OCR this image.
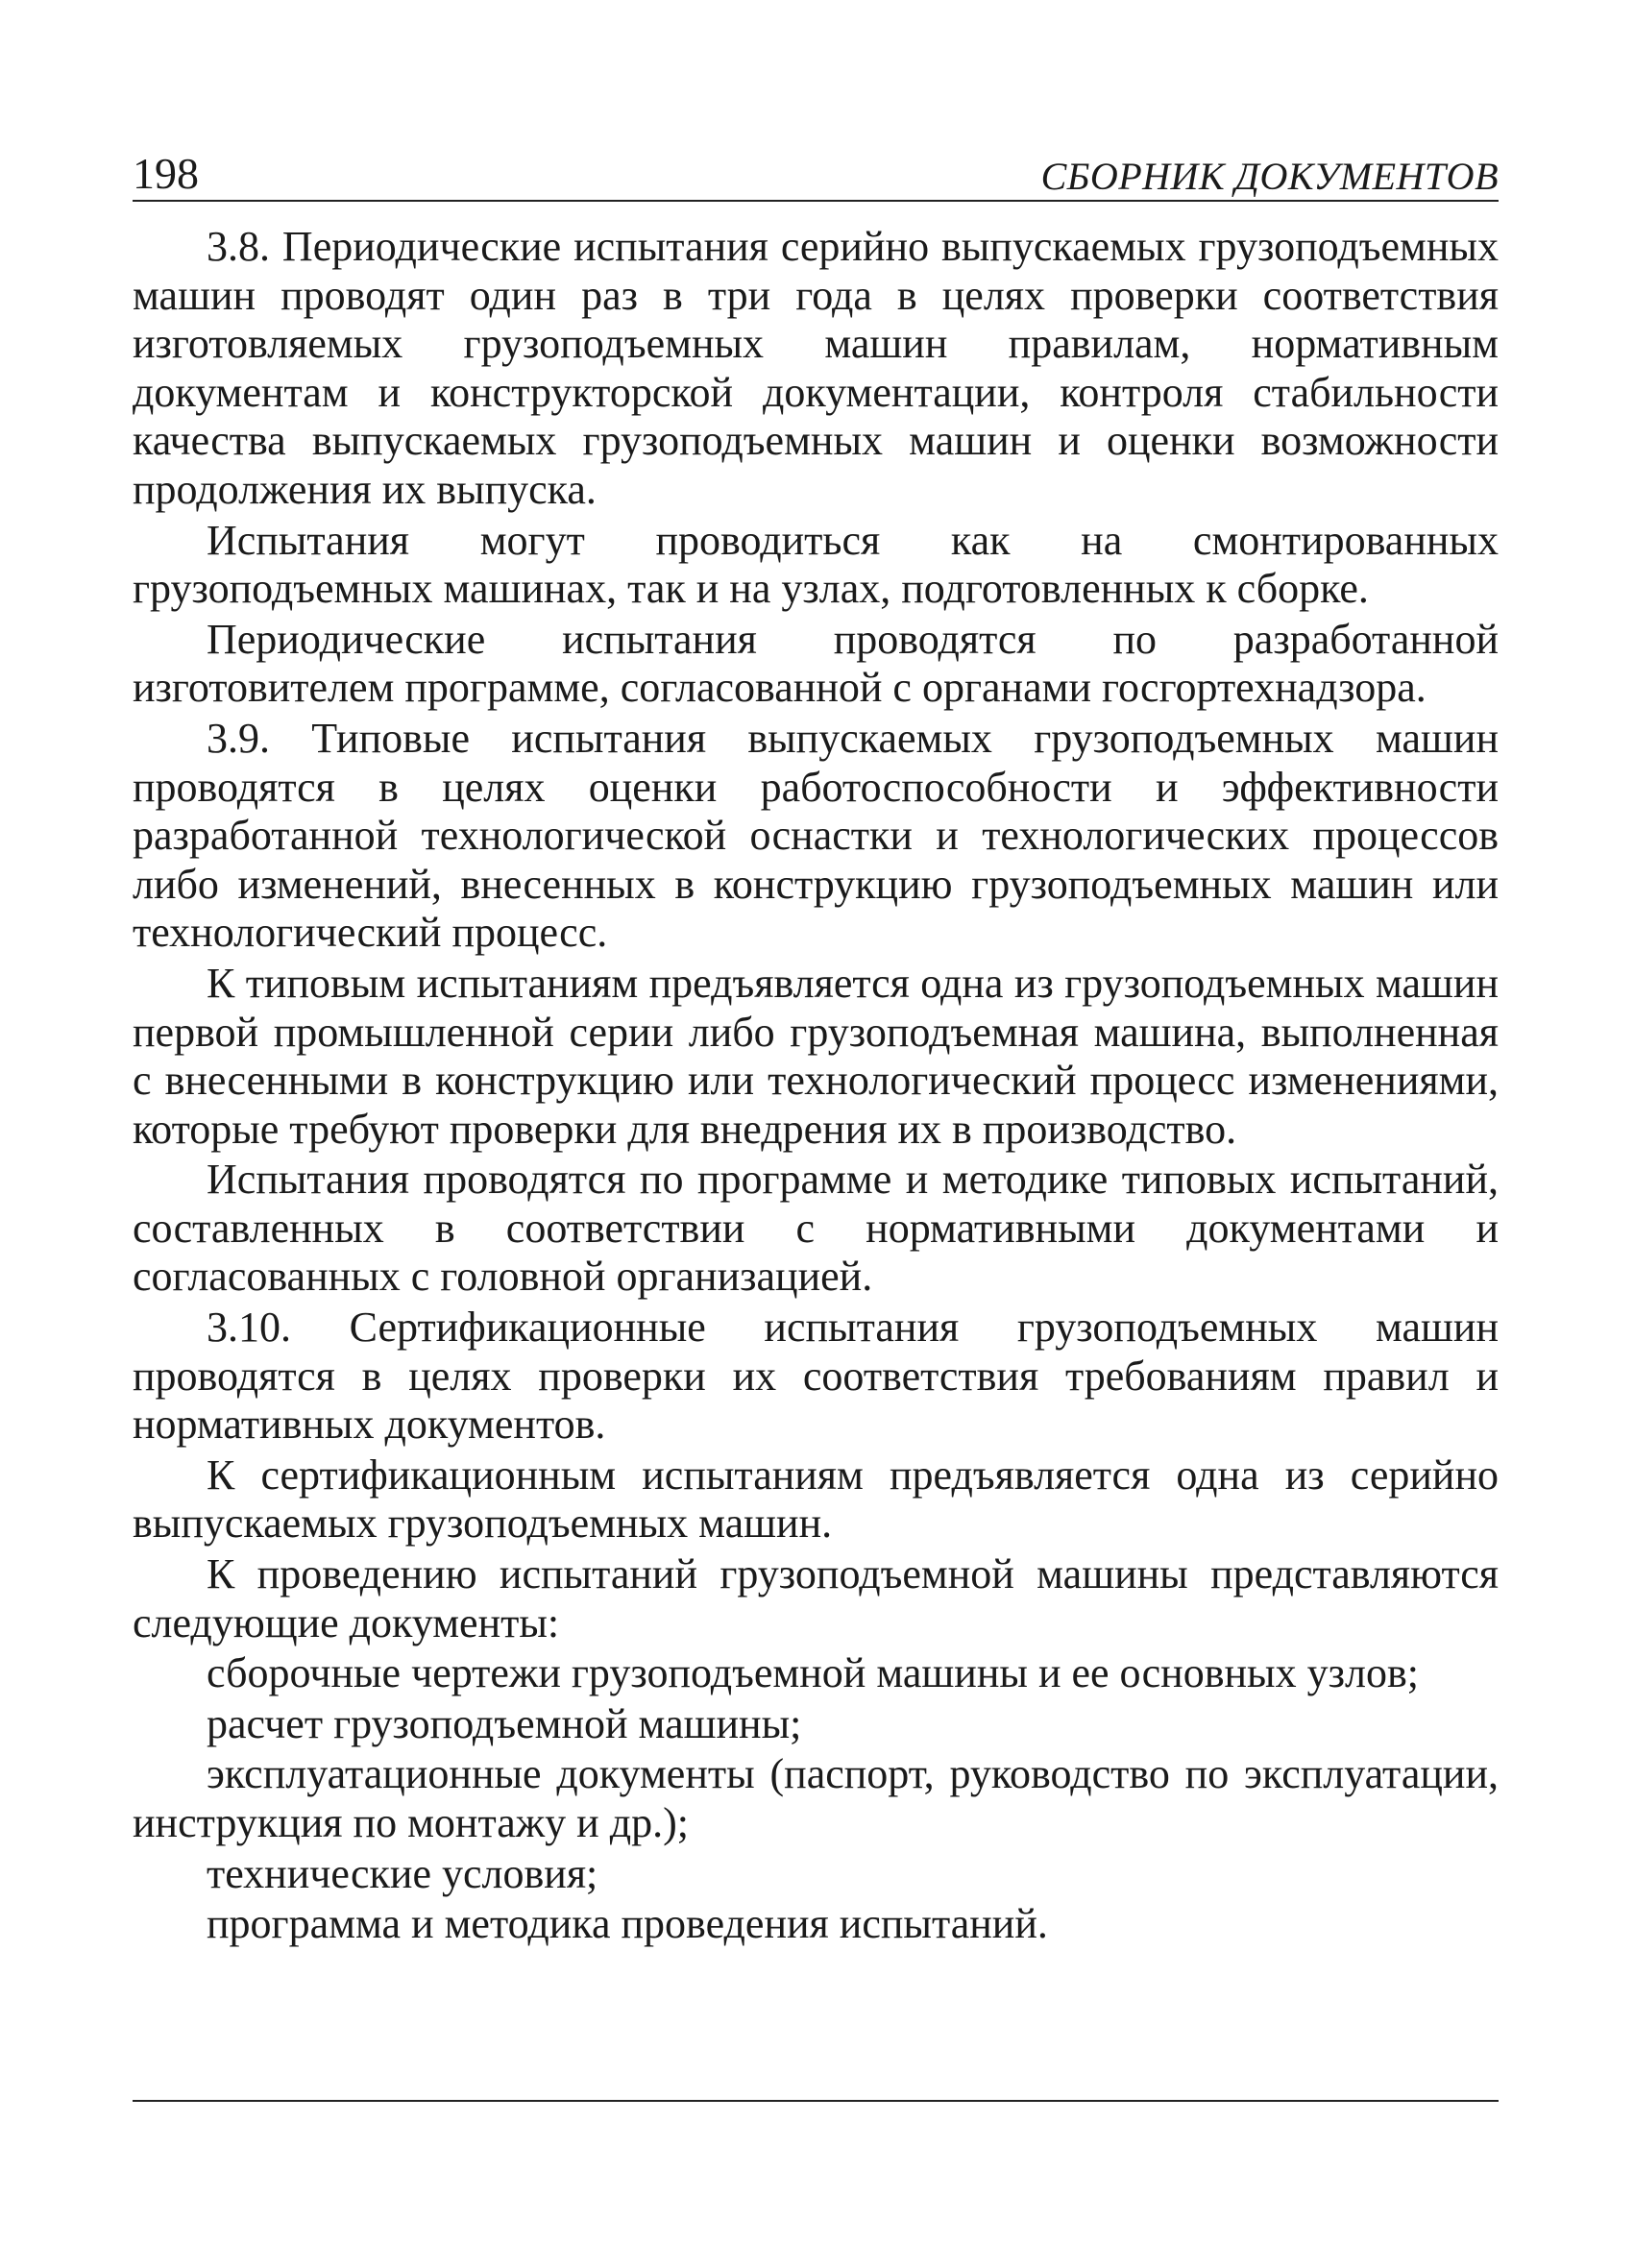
198	СБОРНИК ДОКУМЕНТОВ

3.8. Периодические испытания серийно выпускаемых грузоподъемных машин проводят один раз в три года в целях проверки соответствия изготовляемых грузоподъемных машин правилам, нормативным документам и конструкторской документации, контроля стабильности качества выпускаемых грузоподъемных машин и оценки возможности продолжения их выпуска.

Испытания могут проводиться как на смонтированных грузоподъемных машинах, так и на узлах, подготовленных к сборке.

Периодические испытания проводятся по разработанной изготовителем программе, согласованной с органами госгортехнадзора.

3.9. Типовые испытания выпускаемых грузоподъемных машин проводятся в целях оценки работоспособности и эффективности разработанной технологической оснастки и технологических процессов либо изменений, внесенных в конструкцию грузоподъемных машин или технологический процесс.

К типовым испытаниям предъявляется одна из грузоподъемных машин первой промышленной серии либо грузоподъемная машина, выполненная с внесенными в конструкцию или технологический процесс изменениями, которые требуют проверки для внедрения их в производство.

Испытания проводятся по программе и методике типовых испытаний, составленных в соответствии с нормативными документами и согласованных с головной организацией.

3.10. Сертификационные испытания грузоподъемных машин проводятся в целях проверки их соответствия требованиям правил и нормативных документов.

К сертификационным испытаниям предъявляется одна из серийно выпускаемых грузоподъемных машин.

К проведению испытаний грузоподъемной машины представляются следующие документы:

сборочные чертежи грузоподъемной машины и ее основных узлов;

расчет грузоподъемной машины;

эксплуатационные документы (паспорт, руководство по эксплуатации, инструкция по монтажу и др.);

технические условия;

программа и методика проведения испытаний.
